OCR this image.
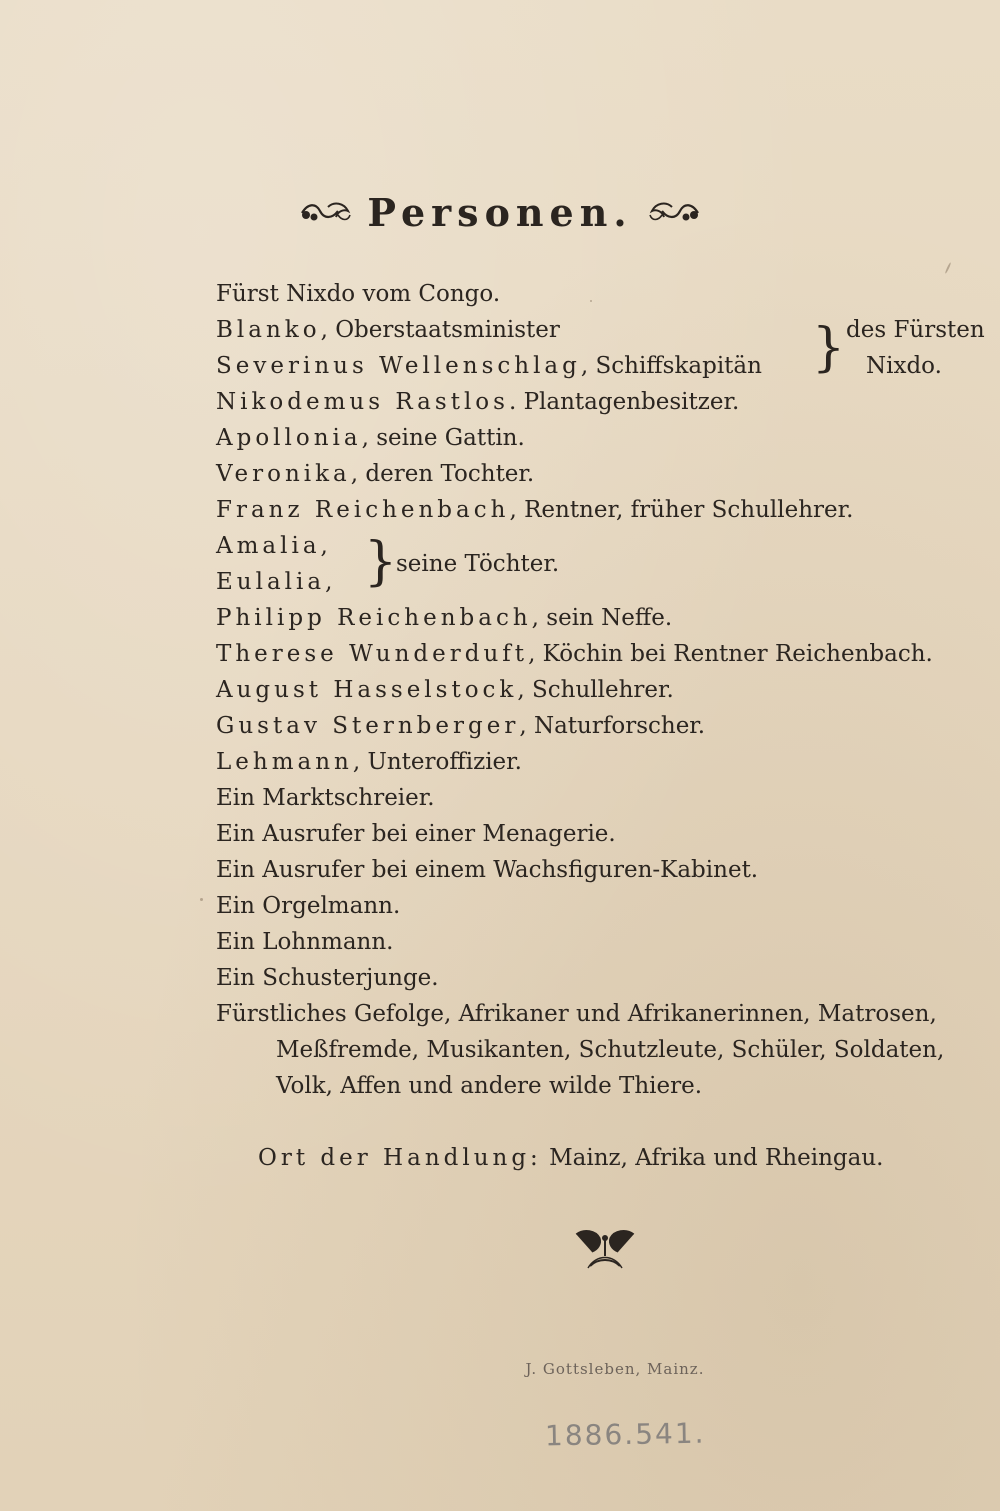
Personen.
Fürst Nixdo vom Congo.
Blanko, Oberstaatsminister
Severinus Wellenschlag, Schiffskapitän } des Fürsten
Nixdo.
Nikodemus Rastlos. Plantagenbesitzer.
Apollonia, seine Gattin.
Veronika, deren Tochter.
Franz Reichenbach, Rentner, früher Schullehrer.
Amalia,
Eulalia, }
seine Töchter.
Philipp Reichenbach, sein Neffe.
Therese Wunderduft, Köchin bei Rentner Reichenbach.
August Hasselstock, Schullehrer.
Gustav Sternberger, Naturforscher.
Lehmann, Unteroffizier.
Ein Marktschreier.
Ein Ausrufer bei einer Menagerie.
Ein Ausrufer bei einem Wachsfiguren-Kabinet.
Ein Orgelmann.
Ein Lohnmann.
Ein Schusterjunge.
Fürstliches Gefolge, Afrikaner und Afrikanerinnen, Matrosen,
Meßfremde, Musikanten, Schutzleute, Schüler, Soldaten,
Volk, Affen und andere wilde Thiere.
Ort der Handlung: Mainz, Afrika und Rheingau.
J. Gottsleben, Mainz.
1886.541.
